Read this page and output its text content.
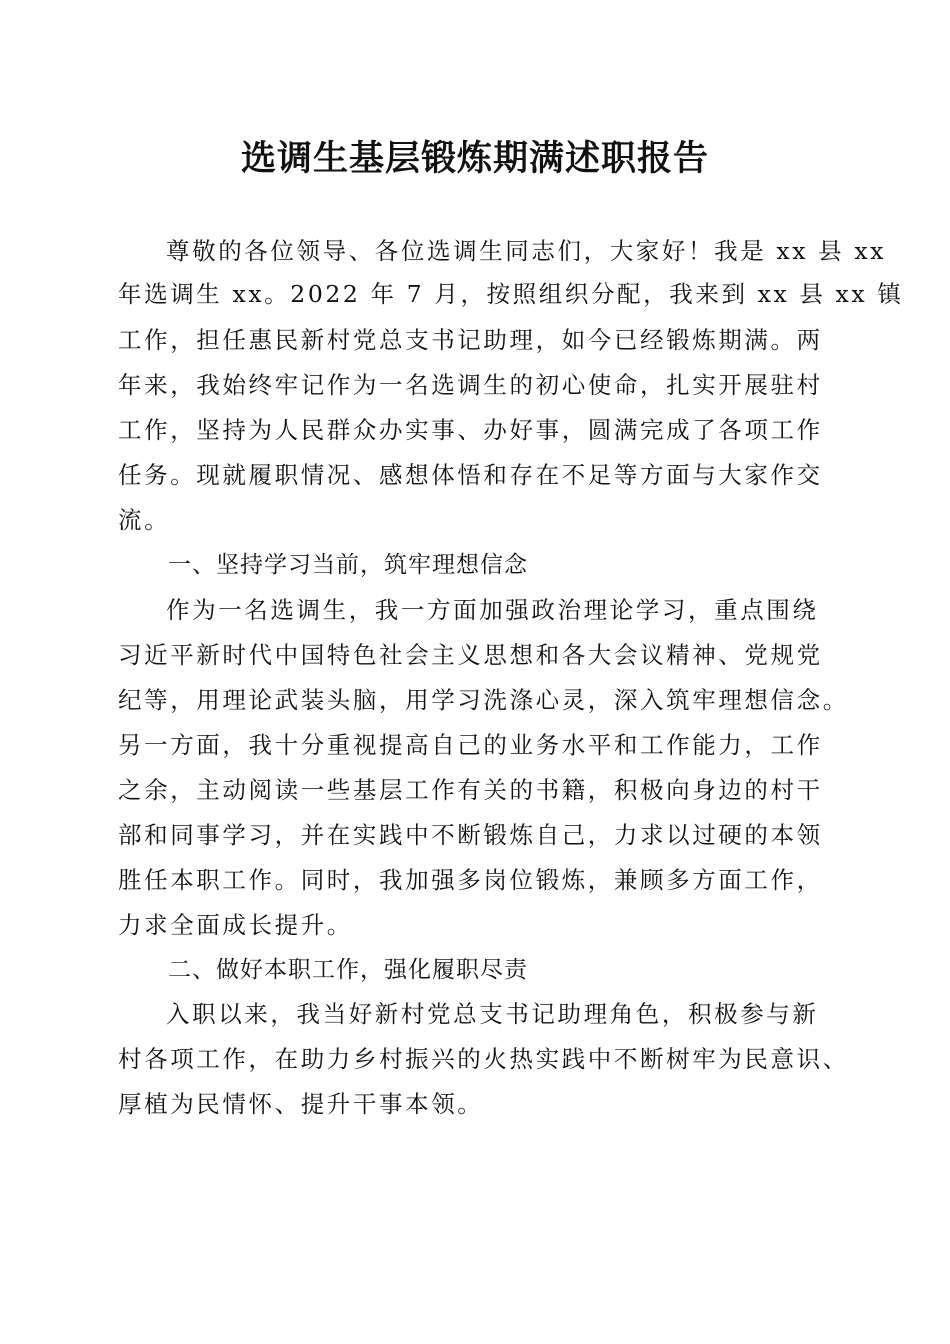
选调生基层锻炼期满述职报告

尊敬的各位领导、各位选调生同志们，大家好！我是 xx 县 xx

年选调生 xx。2022 年 7 月，按照组织分配，我来到 xx 县 xx 镇

工作，担任惠民新村党总支书记助理，如今已经锻炼期满。两

年来，我始终牢记作为一名选调生的初心使命，扎实开展驻村

工作，坚持为人民群众办实事、办好事，圆满完成了各项工作

任务。现就履职情况、感想体悟和存在不足等方面与大家作交

流。

一、坚持学习当前，筑牢理想信念

作为一名选调生，我一方面加强政治理论学习，重点围绕

习近平新时代中国特色社会主义思想和各大会议精神、党规党

纪等，用理论武装头脑，用学习洗涤心灵，深入筑牢理想信念。

另一方面，我十分重视提高自己的业务水平和工作能力，工作

之余，主动阅读一些基层工作有关的书籍，积极向身边的村干

部和同事学习，并在实践中不断锻炼自己，力求以过硬的本领

胜任本职工作。同时，我加强多岗位锻炼，兼顾多方面工作，

力求全面成长提升。

二、做好本职工作，强化履职尽责

入职以来，我当好新村党总支书记助理角色，积极参与新

村各项工作，在助力乡村振兴的火热实践中不断树牢为民意识、

厚植为民情怀、提升干事本领。
